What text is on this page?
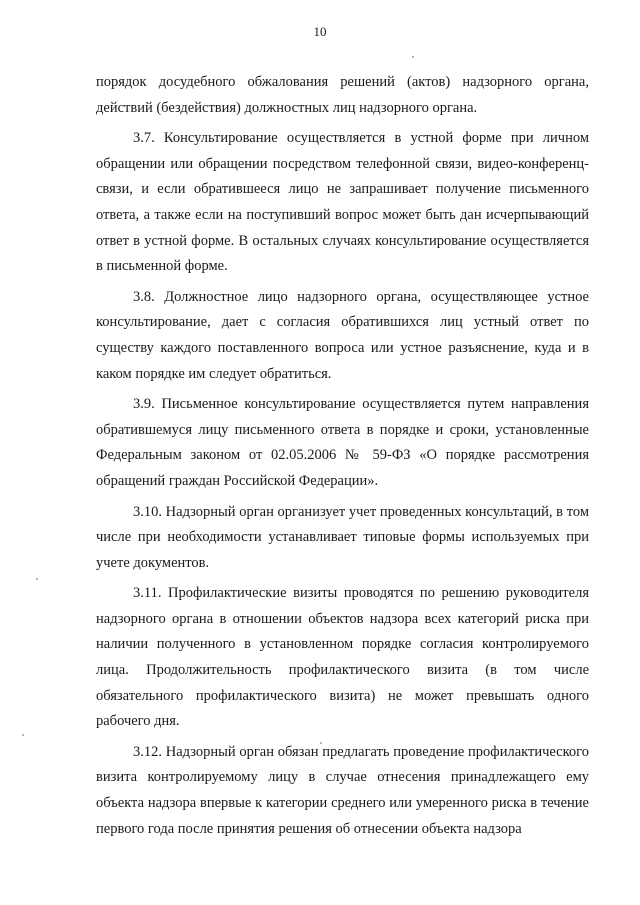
10

порядок досудебного обжалования решений (актов) надзорного органа, действий (бездействия) должностных лиц надзорного органа.

3.7. Консультирование осуществляется в устной форме при личном обращении или обращении посредством телефонной связи, видео-конференц-связи, и если обратившееся лицо не запрашивает получение письменного ответа, а также если на поступивший вопрос может быть дан исчерпывающий ответ в устной форме. В остальных случаях консультирование осуществляется в письменной форме.

3.8. Должностное лицо надзорного органа, осуществляющее устное консультирование, дает с согласия обратившихся лиц устный ответ по существу каждого поставленного вопроса или устное разъяснение, куда и в каком порядке им следует обратиться.

3.9. Письменное консультирование осуществляется путем направления обратившемуся лицу письменного ответа в порядке и сроки, установленные Федеральным законом от 02.05.2006 № 59-ФЗ «О порядке рассмотрения обращений граждан Российской Федерации».

3.10. Надзорный орган организует учет проведенных консультаций, в том числе при необходимости устанавливает типовые формы используемых при учете документов.

3.11. Профилактические визиты проводятся по решению руководителя надзорного органа в отношении объектов надзора всех категорий риска при наличии полученного в установленном порядке согласия контролируемого лица. Продолжительность профилактического визита (в том числе обязательного профилактического визита) не может превышать одного рабочего дня.

3.12. Надзорный орган обязан предлагать проведение профилактического визита контролируемому лицу в случае отнесения принадлежащего ему объекта надзора впервые к категории среднего или умеренного риска в течение первого года после принятия решения об отнесении объекта надзора
